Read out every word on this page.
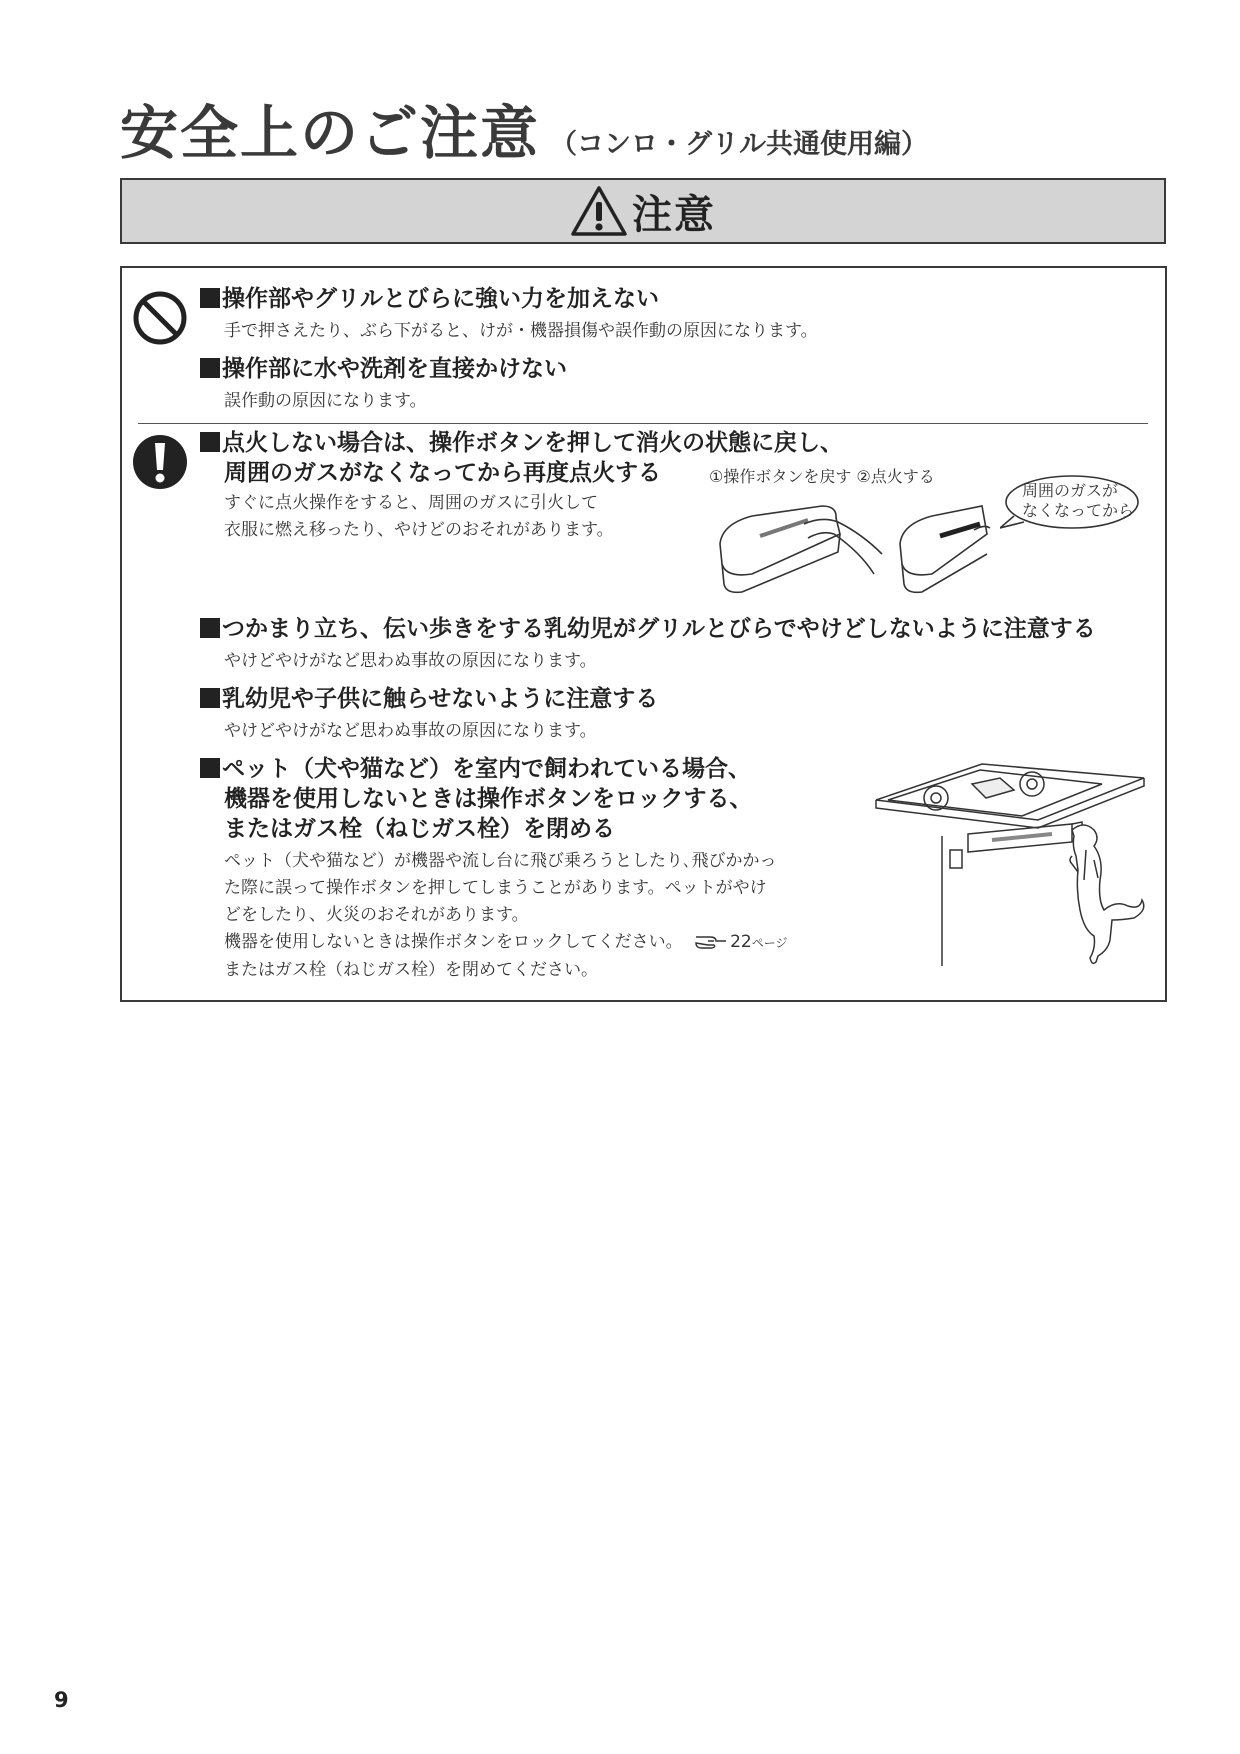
安全上のご注意 （コンロ・グリル共通使用編）
注意
操作部やグリルとびらに強い力を加えない
手で押さえたり、ぶら下がると、けが・機器損傷や誤作動の原因になります。
操作部に水や洗剤を直接かけない
誤作動の原因になります。
点火しない場合は、操作ボタンを押して消火の状態に戻し、
周囲のガスがなくなってから再度点火する	①操作ボタンを戻す ②点火する
すぐに点火操作をすると、周囲のガスに引火して
衣服に燃え移ったり、やけどのおそれがあります。
周囲のガスが
なくなってから
つかまり立ち、伝い歩きをする乳幼児がグリルとびらでやけどしないように注意する
やけどやけがなど思わぬ事故の原因になります。
乳幼児や子供に触らせないように注意する
やけどやけがなど思わぬ事故の原因になります。
ペット（犬や猫など）を室内で飼われている場合、
機器を使用しないときは操作ボタンをロックする、
またはガス栓（ねじガス栓）を閉める
ペット（犬や猫など）が機器や流し台に飛び乗ろうとしたり､飛びかかっ
た際に誤って操作ボタンを押してしまうことがあります。ペットがやけ
どをしたり、火災のおそれがあります。
機器を使用しないときは操作ボタンをロックしてください。	22ページ
またはガス栓（ねじガス栓）を閉めてください。
9
